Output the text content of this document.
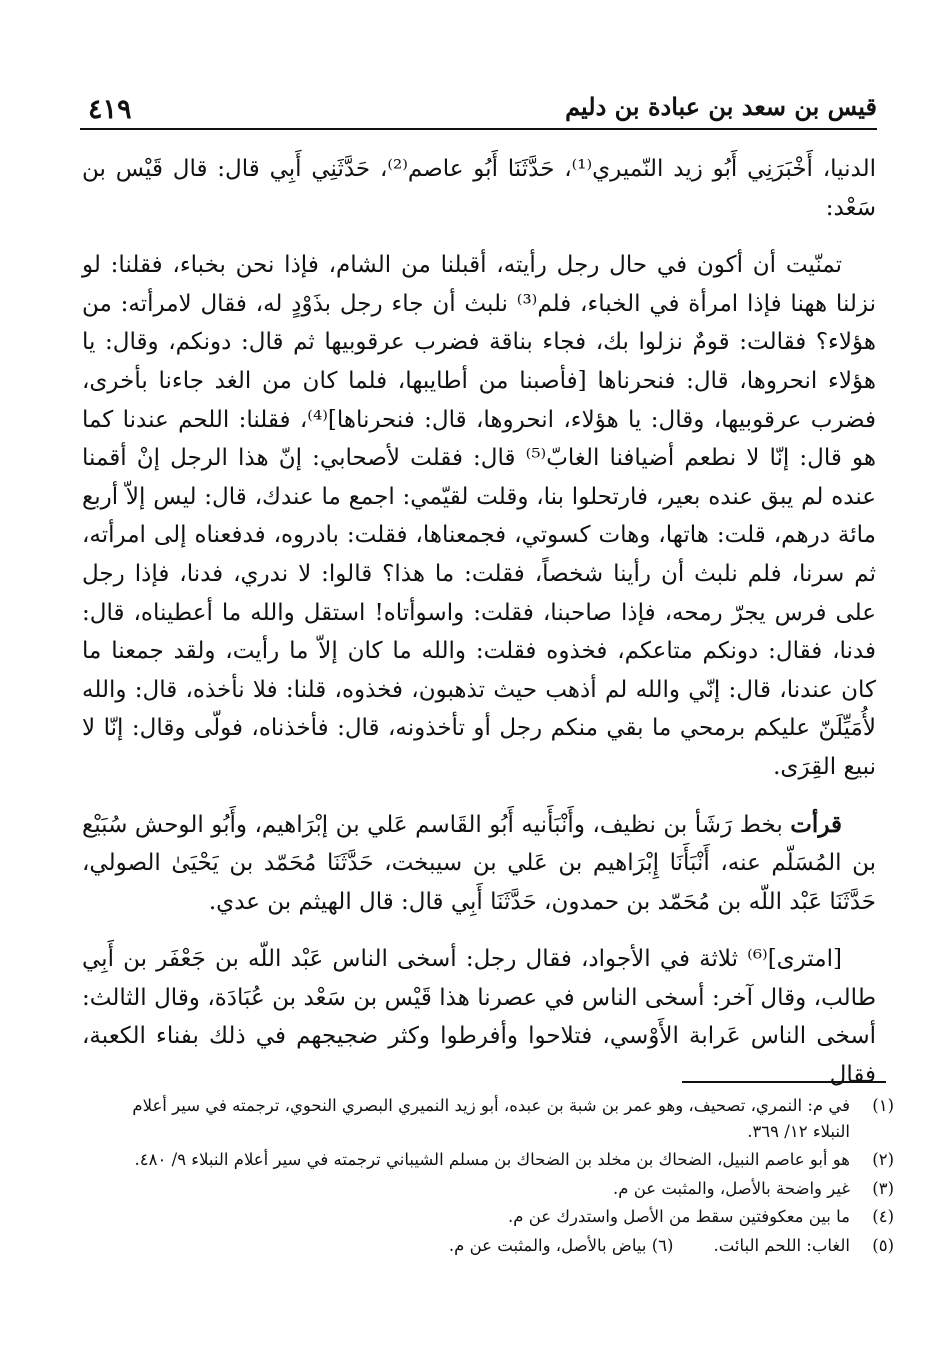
٤١٩	قيس بن سعد بن عبادة بن دليم

الدنيا، أَخْبَرَنِي أَبُو زيد النّميري⁽¹⁾، حَدَّثَنَا أَبُو عاصم⁽²⁾، حَدَّثَنِي أَبِي قال: قال قَيْس بن سَعْد:

تمنّيت أن أكون في حال رجل رأيته، أقبلنا من الشام، فإذا نحن بخباء، فقلنا: لو نزلنا ههنا فإذا امرأة في الخباء، فلم⁽³⁾ نلبث أن جاء رجل بذَوْدٍ له، فقال لامرأته: من هؤلاء؟ فقالت: قومٌ نزلوا بك، فجاء بناقة فضرب عرقوبيها ثم قال: دونكم، وقال: يا هؤلاء انحروها، قال: فنحرناها [فأصبنا من أطايبها، فلما كان من الغد جاءنا بأخرى، فضرب عرقوبيها، وقال: يا هؤلاء، انحروها، قال: فنحرناها]⁽⁴⁾، فقلنا: اللحم عندنا كما هو قال: إنّا لا نطعم أضيافنا الغابّ⁽⁵⁾ قال: فقلت لأصحابي: إنّ هذا الرجل إنْ أقمنا عنده لم يبق عنده بعير، فارتحلوا بنا، وقلت لقيّمي: اجمع ما عندك، قال: ليس إلاّ أربع مائة درهم، قلت: هاتها، وهات كسوتي، فجمعناها، فقلت: بادروه، فدفعناه إلى امرأته، ثم سرنا، فلم نلبث أن رأينا شخصاً، فقلت: ما هذا؟ قالوا: لا ندري، فدنا، فإذا رجل على فرس يجرّ رمحه، فإذا صاحبنا، فقلت: واسوأتاه! استقل والله ما أعطيناه، قال: فدنا، فقال: دونكم متاعكم، فخذوه فقلت: والله ما كان إلاّ ما رأيت، ولقد جمعنا ما كان عندنا، قال: إنّي والله لم أذهب حيث تذهبون، فخذوه، قلنا: فلا نأخذه، قال: والله لأُمَيِّلَنّ عليكم برمحي ما بقي منكم رجل أو تأخذونه، قال: فأخذناه، فولّى وقال: إنّا لا نبيع القِرَى.

قرأت بخط رَشَأ بن نظيف، وأَنْبَأَنيه أَبُو القَاسم عَلي بن إبْرَاهيم، وأَبُو الوحش سُبَيْع بن المُسَلّم عنه، أَنْبَأَنَا إِبْرَاهيم بن عَلي بن سيبخت، حَدَّثَنَا مُحَمّد بن يَحْيَىٰ الصولي، حَدَّثَنَا عَبْد اللّه بن مُحَمّد بن حمدون، حَدَّثَنَا أَبِي قال: قال الهيثم بن عدي.

[امترى]⁽⁶⁾ ثلاثة في الأجواد، فقال رجل: أسخى الناس عَبْد اللّه بن جَعْفَر بن أَبِي طالب، وقال آخر: أسخى الناس في عصرنا هذا قَيْس بن سَعْد بن عُبَادَة، وقال الثالث: أسخى الناس عَرابة الأَوْسي، فتلاحوا وأفرطوا وكثر ضجيجهم في ذلك بفناء الكعبة، فقال

(١)
في م: النمري، تصحيف، وهو عمر بن شبة بن عبده، أبو زيد النميري البصري النحوي، ترجمته في سير أعلام النبلاء ١٢/ ٣٦٩.

(٢)
هو أبو عاصم النبيل، الضحاك بن مخلد بن الضحاك بن مسلم الشيباني ترجمته في سير أعلام النبلاء ٩/ ٤٨٠.

(٣)
غير واضحة بالأصل، والمثبت عن م.

(٤)
ما بين معكوفتين سقط من الأصل واستدرك عن م.

(٥)
الغاب: اللحم البائت.
(٦) بياض بالأصل، والمثبت عن م.
